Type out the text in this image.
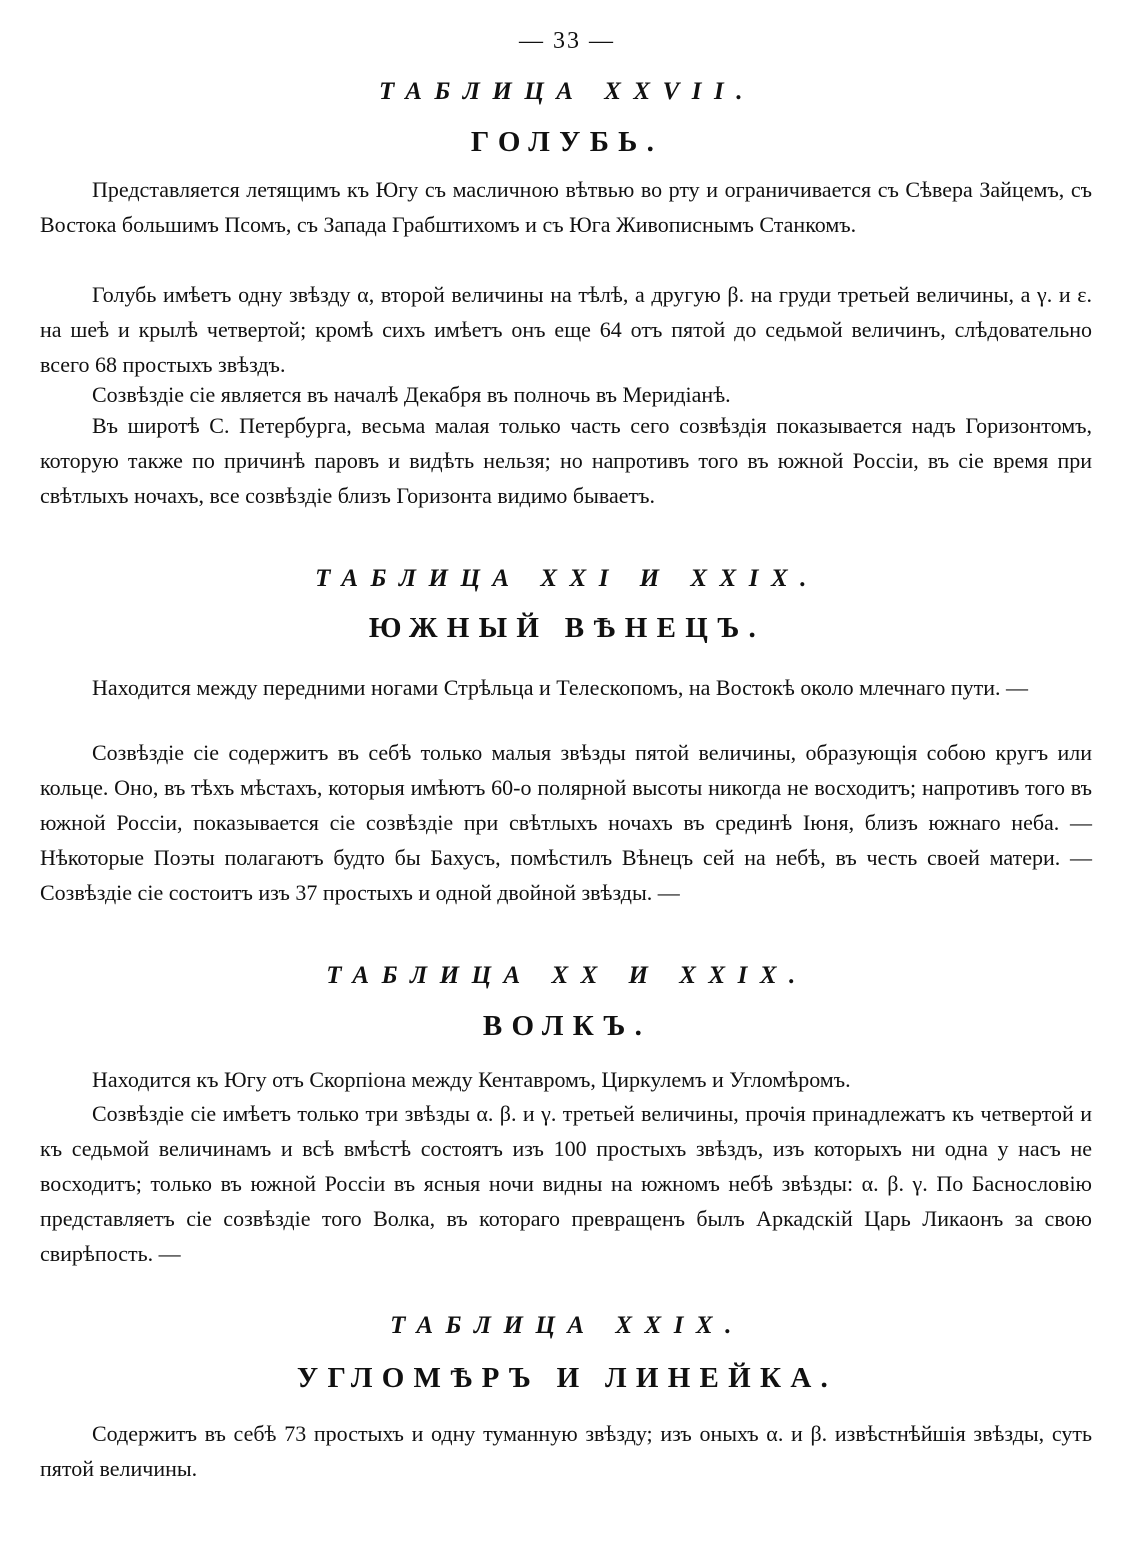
— 33 —
ТАБЛИЦА XXVII.
ГОЛУБЬ.

Представляется летящимъ къ Югу съ масличною вѣтвью во рту и ограничивается съ Сѣвера Зайцемъ, съ Востока большимъ Псомъ, съ Запада Грабштихомъ и съ Юга Живописнымъ Станкомъ.

Голубь имѣетъ одну звѣзду α, второй величины на тѣлѣ, а другую β. на груди третьей величины, а γ. и ε. на шеѣ и крылѣ четвертой; кромѣ сихъ имѣетъ онъ еще 64 отъ пятой до седьмой величинъ, слѣдовательно всего 68 простыхъ звѣздъ.

Созвѣздіе сіе является въ началѣ Декабря въ полночь въ Меридіанѣ.

Въ широтѣ С. Петербурга, весьма малая только часть сего созвѣздія показывается надъ Горизонтомъ, которую также по причинѣ паровъ и видѣть нельзя; но напротивъ того въ южной Россіи, въ сіе время при свѣтлыхъ ночахъ, все созвѣздіе близъ Горизонта видимо бываетъ.

ТАБЛИЦА XXI И XXIX.
ЮЖНЫЙ ВѢНЕЦЪ.

Находится между передними ногами Стрѣльца и Телескопомъ, на Востокѣ около млечнаго пути. —

Созвѣздіе сіе содержитъ въ себѣ только малыя звѣзды пятой величины, образующія собою кругъ или кольце. Оно, въ тѣхъ мѣстахъ, которыя имѣютъ 60-о полярной высоты никогда не восходитъ; напротивъ того въ южной Россіи, показывается сіе созвѣздіе при свѣтлыхъ ночахъ въ срединѣ Іюня, близъ южнаго неба. — Нѣкоторые Поэты полагаютъ будто бы Бахусъ, помѣстилъ Вѣнецъ сей на небѣ, въ честь своей матери. — Созвѣздіе сіе состоитъ изъ 37 простыхъ и одной двойной звѣзды. —

ТАБЛИЦА XX И XXIX.
ВОЛКЪ.

Находится къ Югу отъ Скорпіона между Кентавромъ, Циркулемъ и Угломѣромъ.

Созвѣздіе сіе имѣетъ только три звѣзды α. β. и γ. третьей величины, прочія принадлежатъ къ четвертой и къ седьмой величинамъ и всѣ вмѣстѣ состоятъ изъ 100 простыхъ звѣздъ, изъ которыхъ ни одна у насъ не восходитъ; только въ южной Россіи въ ясныя ночи видны на южномъ небѣ звѣзды: α. β. γ. По Баснословію представляетъ сіе созвѣздіе того Волка, въ котораго превращенъ былъ Аркадскій Царь Ликаонъ за свою свирѣпость. —

ТАБЛИЦА XXIX.
УГЛОМѢРЪ И ЛИНЕЙКА.

Содержитъ въ себѣ 73 простыхъ и одну туманную звѣзду; изъ оныхъ α. и β. извѣстнѣйшія звѣзды, суть пятой величины.
